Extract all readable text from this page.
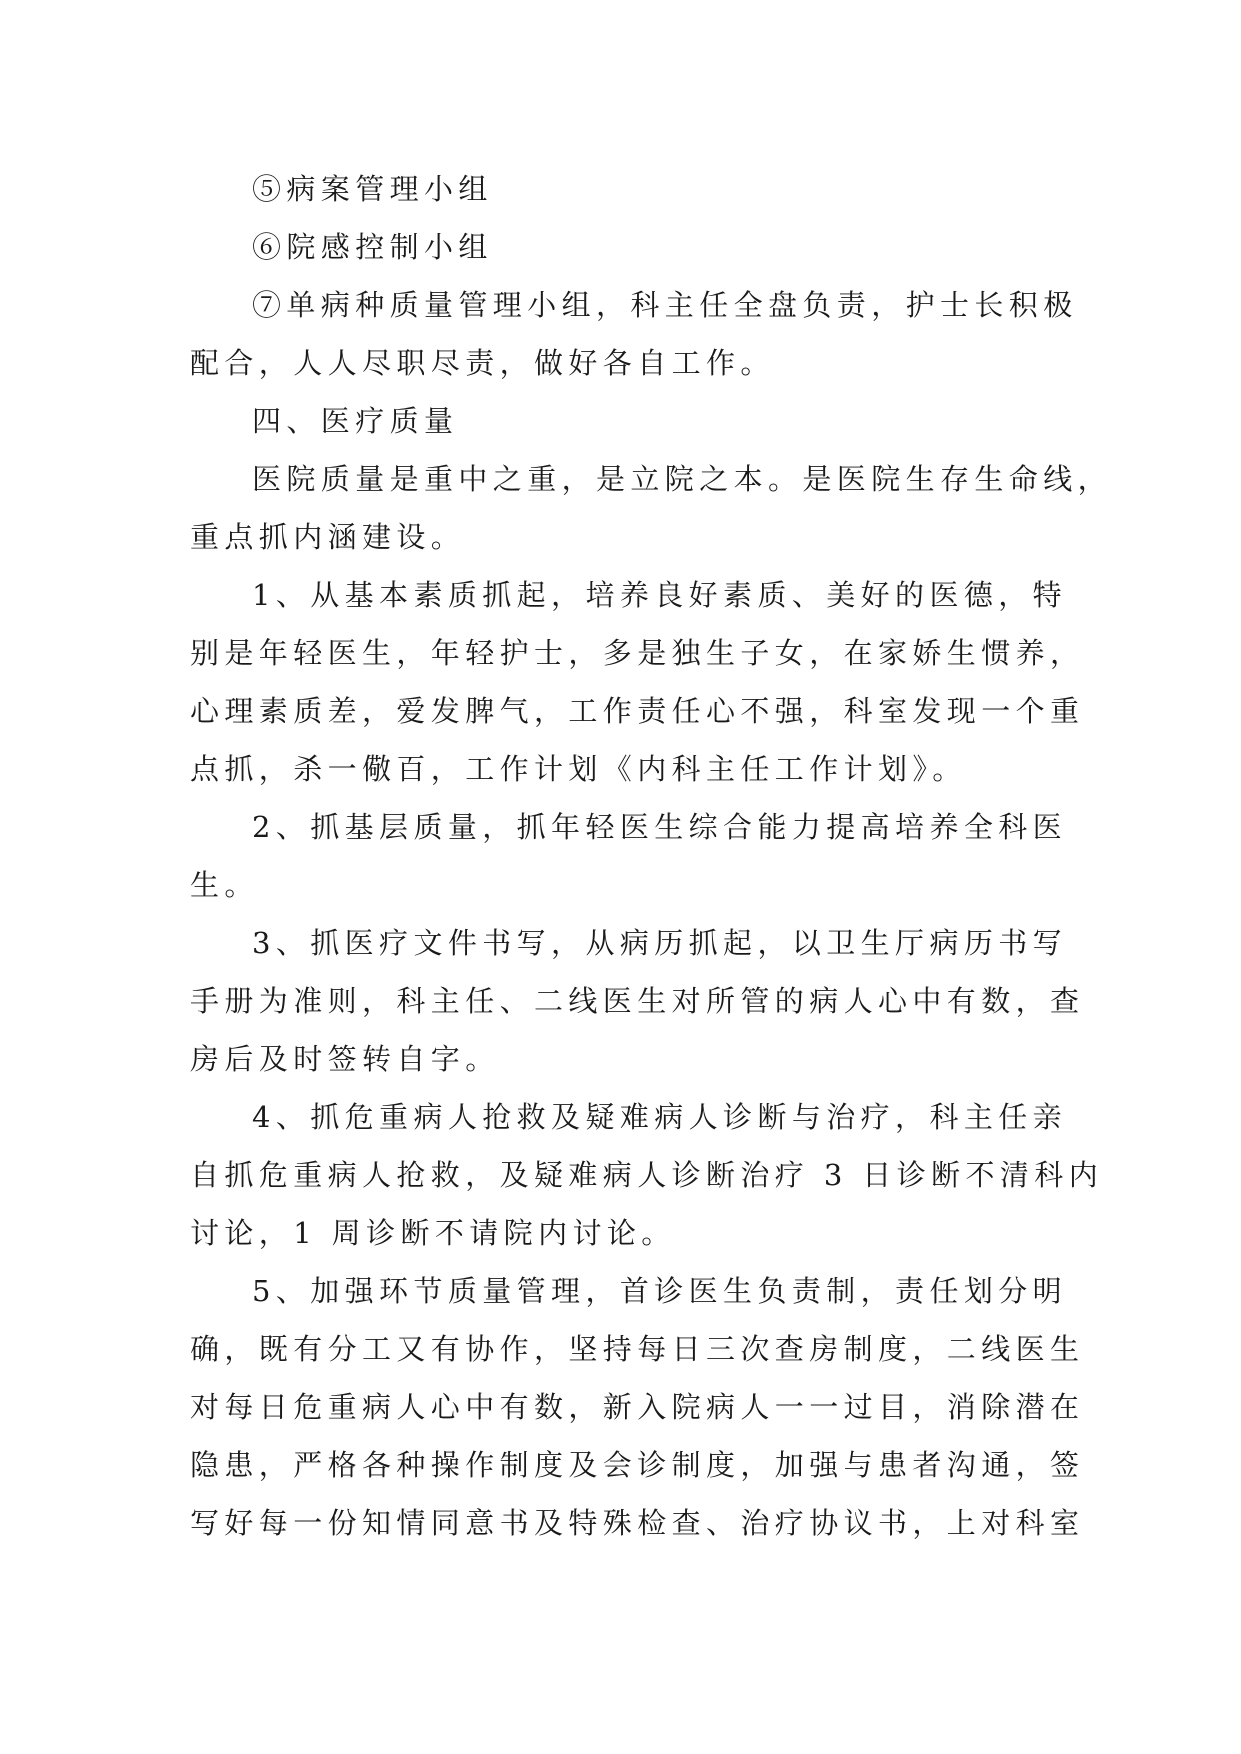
⑤病案管理小组
⑥院感控制小组
⑦单病种质量管理小组，科主任全盘负责，护士长积极
配合，人人尽职尽责，做好各自工作。
四、医疗质量
医院质量是重中之重，是立院之本。是医院生存生命线，
重点抓内涵建设。
1、从基本素质抓起，培养良好素质、美好的医德，特
别是年轻医生，年轻护士，多是独生子女，在家娇生惯养，
心理素质差，爱发脾气，工作责任心不强，科室发现一个重
点抓，杀一儆百，工作计划《内科主任工作计划》。
2、抓基层质量，抓年轻医生综合能力提高培养全科医
生。
3、抓医疗文件书写，从病历抓起，以卫生厅病历书写
手册为准则，科主任、二线医生对所管的病人心中有数，查
房后及时签转自字。
4、抓危重病人抢救及疑难病人诊断与治疗，科主任亲
自抓危重病人抢救，及疑难病人诊断治疗 3 日诊断不清科内
讨论，1 周诊断不请院内讨论。
5、加强环节质量管理，首诊医生负责制，责任划分明
确，既有分工又有协作，坚持每日三次查房制度，二线医生
对每日危重病人心中有数，新入院病人一一过目，消除潜在
隐患，严格各种操作制度及会诊制度，加强与患者沟通，签
写好每一份知情同意书及特殊检查、治疗协议书，上对科室
